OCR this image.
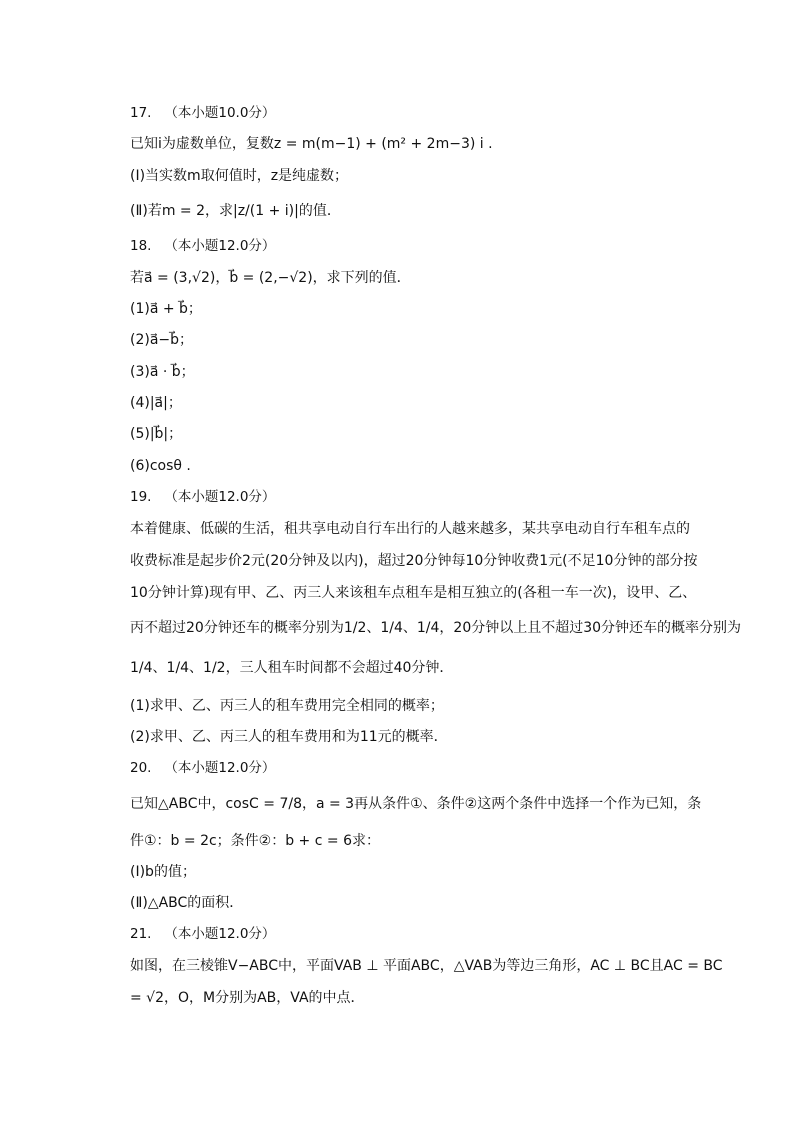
17. （本小题10.0分）
已知i为虚数单位，复数z = m(m−1) + (m² + 2m−3) i .
(Ⅰ)当实数m取何值时，z是纯虚数；
(Ⅱ)若m = 2，求|z/(1 + i)|的值．
18. （本小题12.0分）
若a⃗ = (3,√2)，b⃗ = (2,−√2)，求下列的值．
(1)a⃗ + b⃗；
(2)a⃗−b⃗；
(3)a⃗ · b⃗；
(4)|a⃗|；
(5)|b⃗|；
(6)cosθ .
19. （本小题12.0分）
本着健康、低碳的生活，租共享电动自行车出行的人越来越多，某共享电动自行车租车点的
收费标准是起步价2元(20分钟及以内)，超过20分钟每10分钟收费1元(不足10分钟的部分按
10分钟计算)现有甲、乙、丙三人来该租车点租车是相互独立的(各租一车一次)，设甲、乙、
丙不超过20分钟还车的概率分别为1/2、1/4、1/4，20分钟以上且不超过30分钟还车的概率分别为
1/4、1/4、1/2，三人租车时间都不会超过40分钟．
(1)求甲、乙、丙三人的租车费用完全相同的概率；
(2)求甲、乙、丙三人的租车费用和为11元的概率．
20. （本小题12.0分）
已知△ABC中，cosC = 7/8，a = 3再从条件①、条件②这两个条件中选择一个作为已知，条
件①：b = 2c；条件②：b + c = 6求：
(Ⅰ)b的值；
(Ⅱ)△ABC的面积．
21. （本小题12.0分）
如图，在三棱锥V−ABC中，平面VAB ⊥ 平面ABC，△VAB为等边三角形，AC ⊥ BC且AC = BC
= √2，O，M分别为AB，VA的中点．
